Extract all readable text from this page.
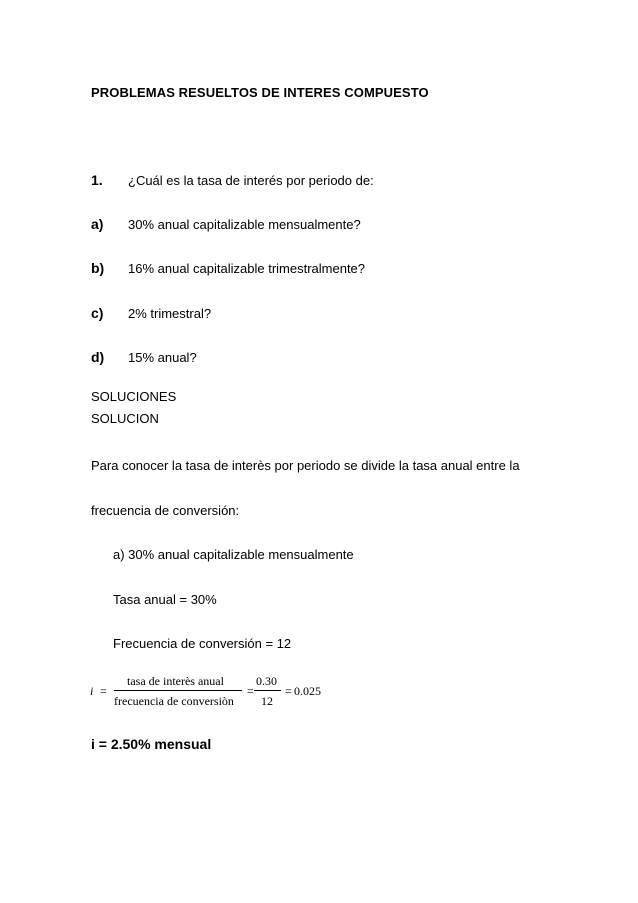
PROBLEMAS RESUELTOS DE INTERES COMPUESTO
1. ¿Cuál es la tasa de interés por periodo de:
a) 30% anual capitalizable mensualmente?
b) 16% anual capitalizable trimestralmente?
c) 2% trimestral?
d) 15% anual?
SOLUCIONES
SOLUCION
Para conocer la tasa de interès por periodo se divide la tasa anual entre la
frecuencia de conversión:
a) 30% anual capitalizable mensualmente
Tasa anual = 30%
Frecuencia de conversión = 12
i =
tasa de interès anual
frecuencia de conversiòn
=
0.30
12
= 0.025
i = 2.50% mensual
